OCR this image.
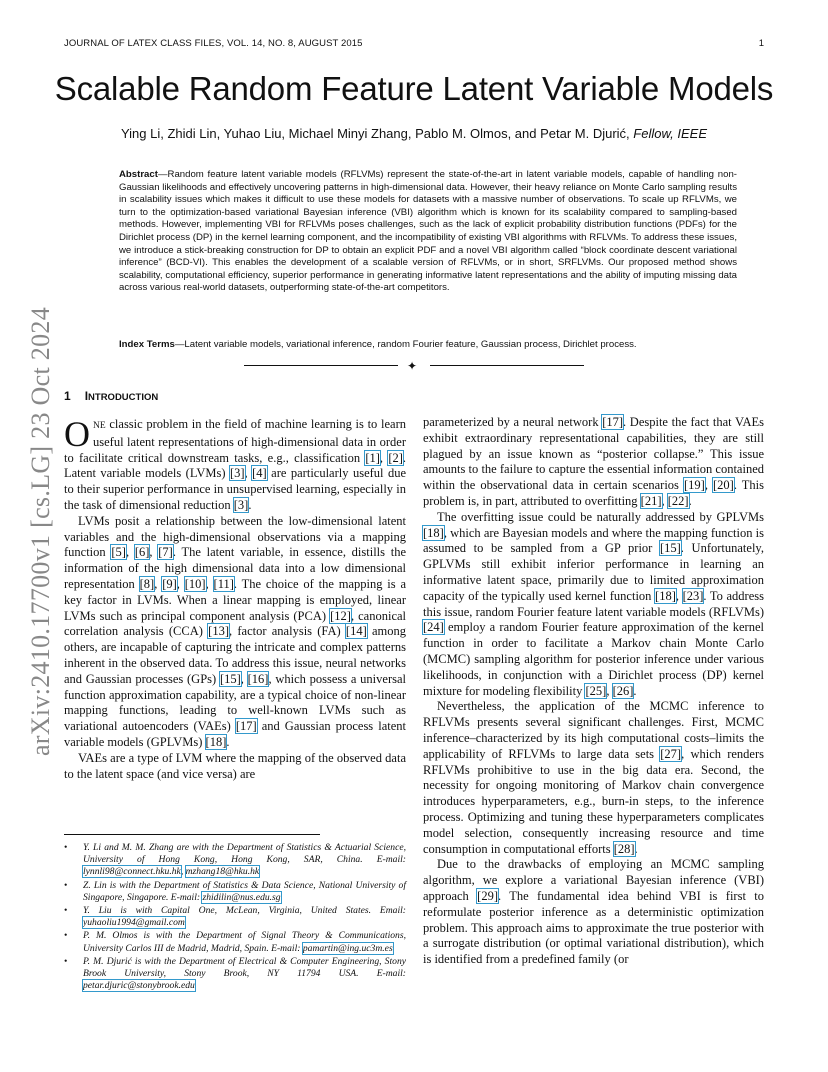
JOURNAL OF LATEX CLASS FILES, VOL. 14, NO. 8, AUGUST 2015	1
Scalable Random Feature Latent Variable Models
Ying Li, Zhidi Lin, Yuhao Liu, Michael Minyi Zhang, Pablo M. Olmos, and Petar M. Djurić, Fellow, IEEE
Abstract—Random feature latent variable models (RFLVMs) represent the state-of-the-art in latent variable models, capable of handling non-Gaussian likelihoods and effectively uncovering patterns in high-dimensional data. However, their heavy reliance on Monte Carlo sampling results in scalability issues which makes it difficult to use these models for datasets with a massive number of observations. To scale up RFLVMs, we turn to the optimization-based variational Bayesian inference (VBI) algorithm which is known for its scalability compared to sampling-based methods. However, implementing VBI for RFLVMs poses challenges, such as the lack of explicit probability distribution functions (PDFs) for the Dirichlet process (DP) in the kernel learning component, and the incompatibility of existing VBI algorithms with RFLVMs. To address these issues, we introduce a stick-breaking construction for DP to obtain an explicit PDF and a novel VBI algorithm called “block coordinate descent variational inference” (BCD-VI). This enables the development of a scalable version of RFLVMs, or in short, SRFLVMs. Our proposed method shows scalability, computational efficiency, superior performance in generating informative latent representations and the ability of imputing missing data across various real-world datasets, outperforming state-of-the-art competitors.
Index Terms—Latent variable models, variational inference, random Fourier feature, Gaussian process, Dirichlet process.
✦
arXiv:2410.17700v1 [cs.LG] 23 Oct 2024 1 INTRODUCTION

ONE classic problem in the field of machine learning is to learn useful latent representations of high-dimensional data in order to facilitate critical downstream tasks, e.g., classification [1], [2]. Latent variable models (LVMs) [3], [4] are particularly useful due to their superior performance in unsupervised learning, especially in the task of dimensional reduction [3].

LVMs posit a relationship between the low-dimensional latent variables and the high-dimensional observations via a mapping function [5], [6], [7]. The latent variable, in essence, distills the information of the high dimensional data into a low dimensional representation [8], [9], [10], [11]. The choice of the mapping is a key factor in LVMs. When a linear mapping is employed, linear LVMs such as principal component analysis (PCA) [12], canonical correlation analysis (CCA) [13], factor analysis (FA) [14] among others, are incapable of capturing the intricate and complex patterns inherent in the observed data. To address this issue, neural networks and Gaussian processes (GPs) [15], [16], which possess a universal function approximation capability, are a typical choice of non-linear mapping functions, leading to well-known LVMs such as variational autoencoders (VAEs) [17] and Gaussian process latent variable models (GPLVMs) [18].

VAEs are a type of LVM where the mapping of the observed data to the latent space (and vice versa) are

• Y. Li and M. M. Zhang are with the Department of Statistics & Actuarial Science, University of Hong Kong, Hong Kong, SAR, China. E-mail: lynnli98@connect.hku.hk, mzhang18@hku.hk
• Z. Lin is with the Department of Statistics & Data Science, National University of Singapore, Singapore. E-mail: zhidilin@nus.edu.sg
• Y. Liu is with Capital One, McLean, Virginia, United States. Email: yuhaoliu1994@gmail.com
• P. M. Olmos is with the Department of Signal Theory & Communications, University Carlos III de Madrid, Madrid, Spain. E-mail: pamartin@ing.uc3m.es
• P. M. Djurić is with the Department of Electrical & Computer Engineering, Stony Brook University, Stony Brook, NY 11794 USA. E-mail: petar.djuric@stonybrook.edu

parameterized by a neural network [17]. Despite the fact that VAEs exhibit extraordinary representational capabilities, they are still plagued by an issue known as “posterior collapse.” This issue amounts to the failure to capture the essential information contained within the observational data in certain scenarios [19], [20]. This problem is, in part, attributed to overfitting [21], [22].

The overfitting issue could be naturally addressed by GPLVMs [18], which are Bayesian models and where the mapping function is assumed to be sampled from a GP prior [15]. Unfortunately, GPLVMs still exhibit inferior performance in learning an informative latent space, primarily due to limited approximation capacity of the typically used kernel function [18], [23]. To address this issue, random Fourier feature latent variable models (RFLVMs) [24] employ a random Fourier feature approximation of the kernel function in order to facilitate a Markov chain Monte Carlo (MCMC) sampling algorithm for posterior inference under various likelihoods, in conjunction with a Dirichlet process (DP) kernel mixture for modeling flexibility [25], [26].

Nevertheless, the application of the MCMC inference to RFLVMs presents several significant challenges. First, MCMC inference–characterized by its high computational costs–limits the applicability of RFLVMs to large data sets [27], which renders RFLVMs prohibitive to use in the big data era. Second, the necessity for ongoing monitoring of Markov chain convergence introduces hyperparameters, e.g., burn-in steps, to the inference process. Optimizing and tuning these hyperparameters complicates model selection, consequently increasing resource and time consumption in computational efforts [28].

Due to the drawbacks of employing an MCMC sampling algorithm, we explore a variational Bayesian inference (VBI) approach [29]. The fundamental idea behind VBI is first to reformulate posterior inference as a deterministic optimization problem. This approach aims to approximate the true posterior with a surrogate distribution (or optimal variational distribution), which is identified from a predefined family (or
